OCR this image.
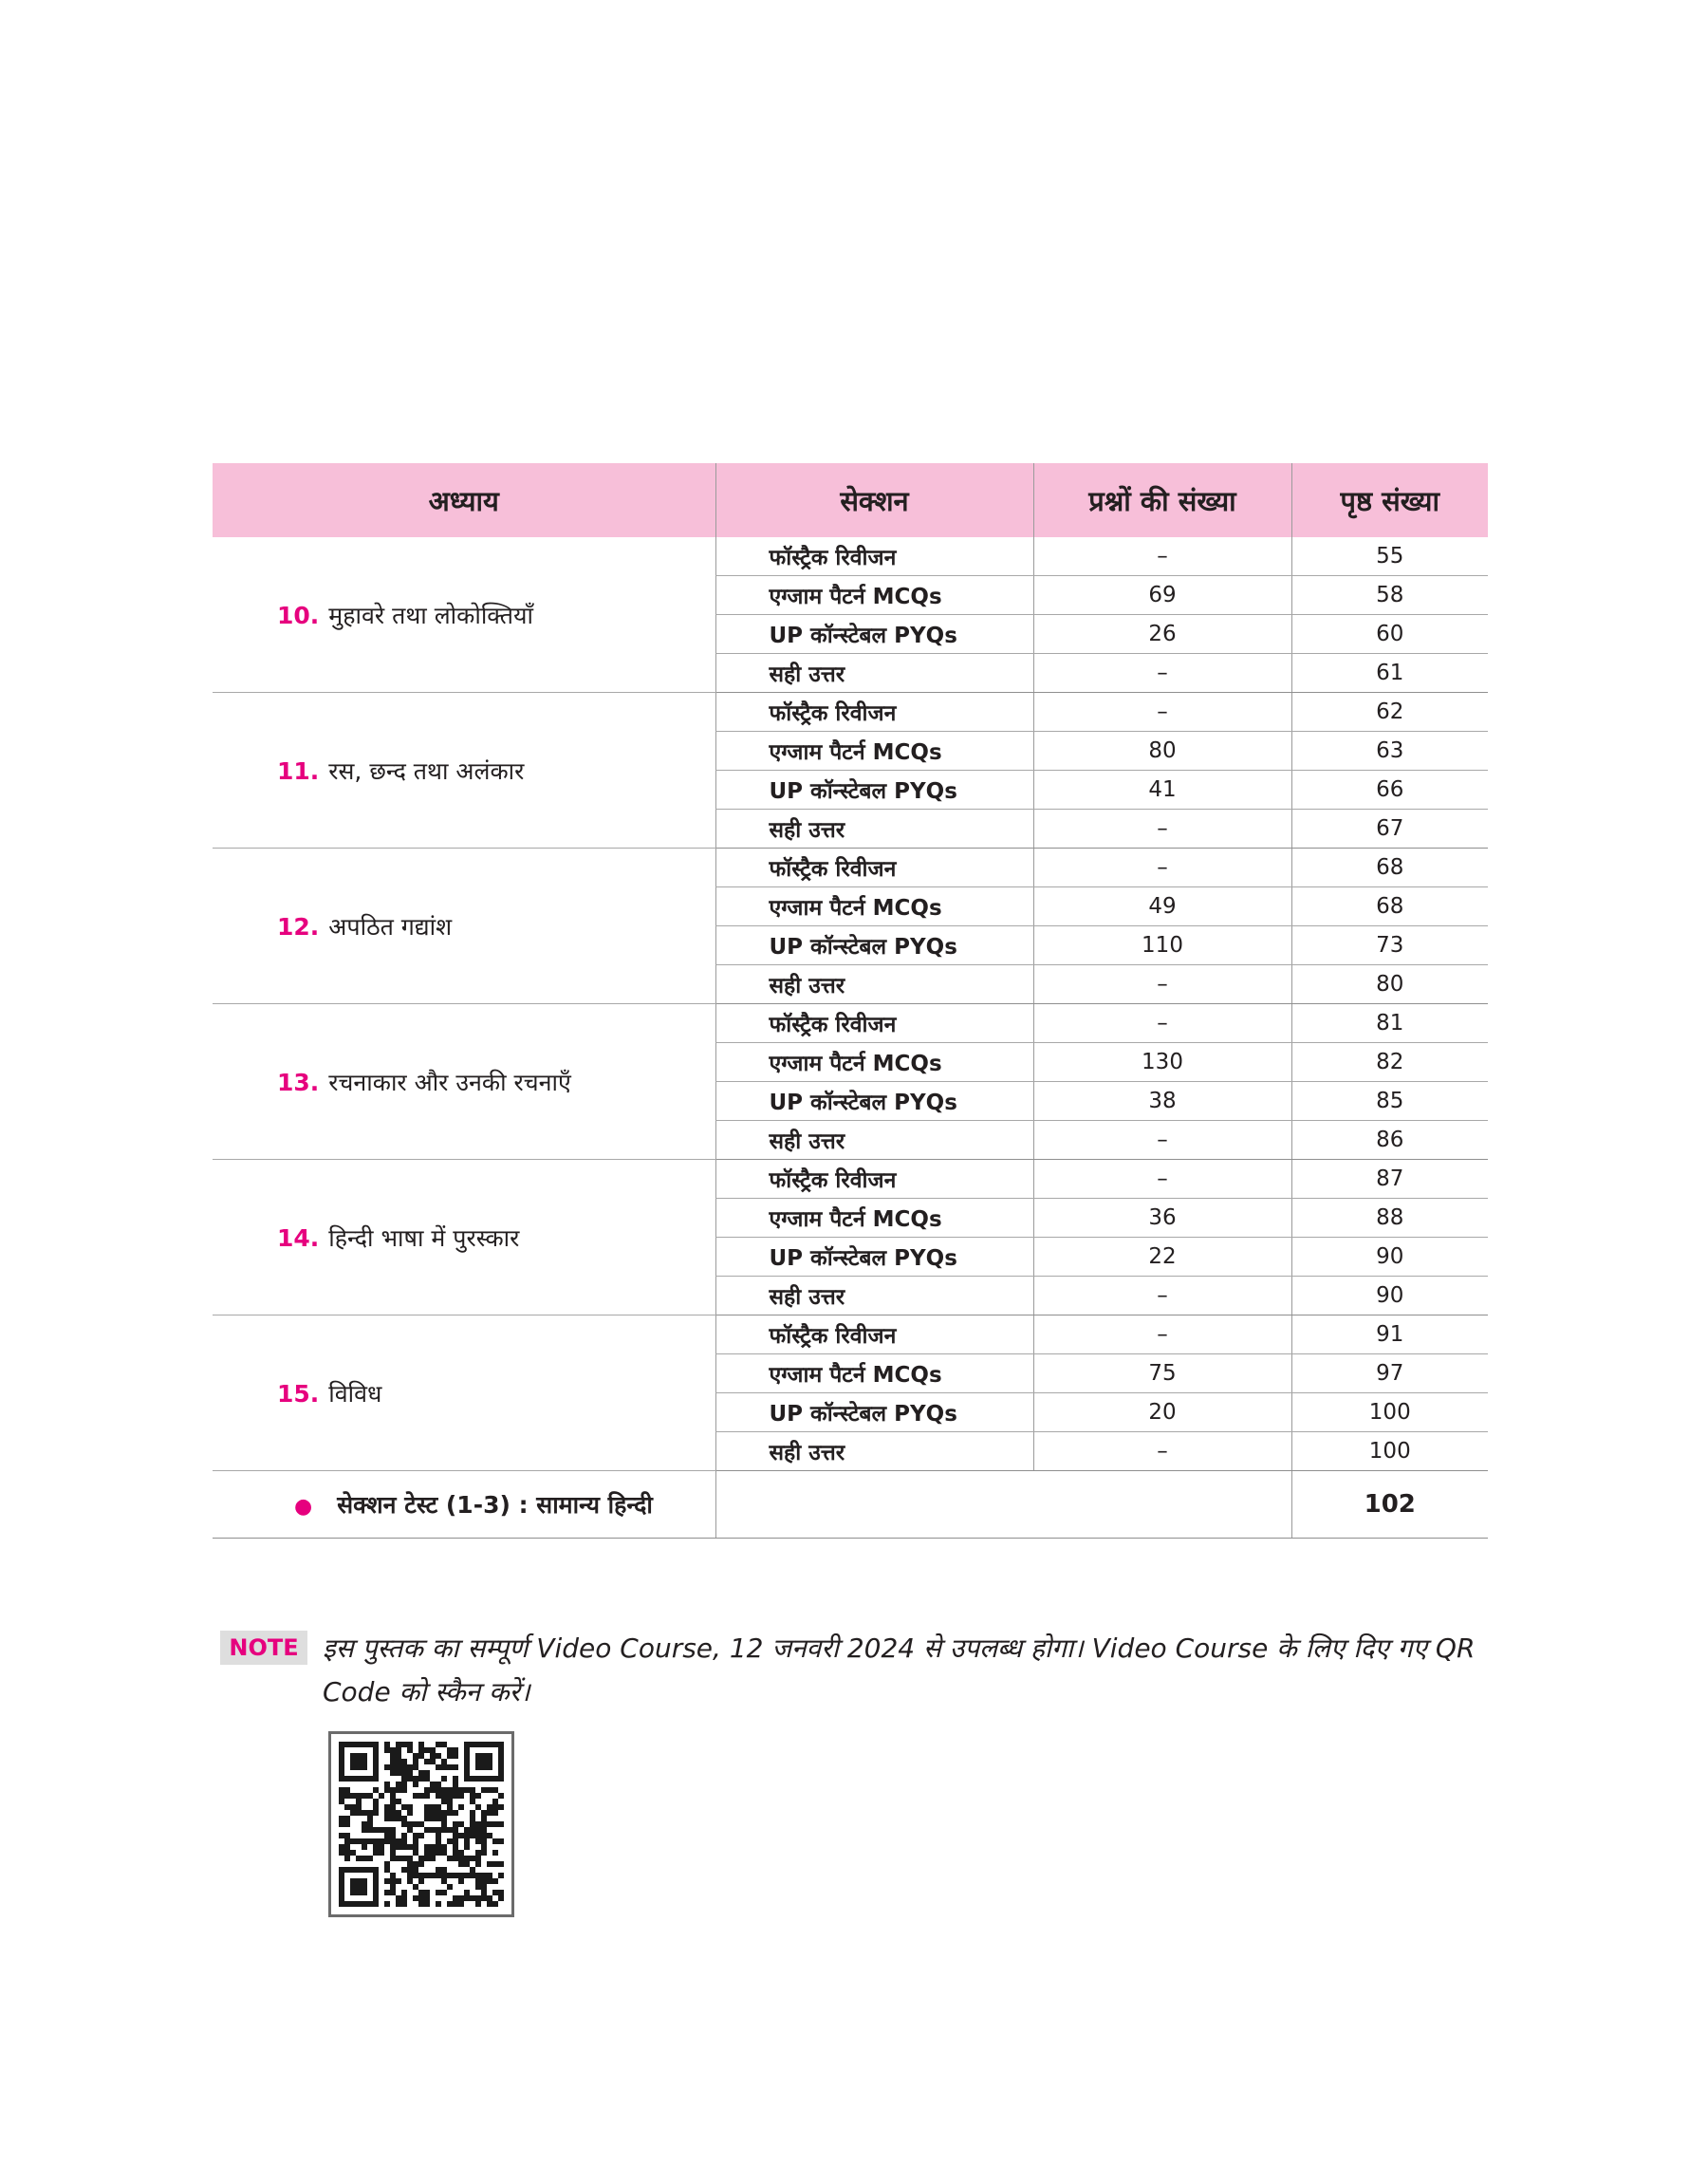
अध्याय	सेक्शन	प्रश्नों की संख्या	पृष्ठ संख्या
10. मुहावरे तथा लोकोक्तियाँ	फॉस्ट्रैक रिवीजन	–	55
	एग्जाम पैटर्न MCQs	69	58
	UP कॉन्स्टेबल PYQs	26	60
	सही उत्तर	–	61
11. रस, छन्द तथा अलंकार	फॉस्ट्रैक रिवीजन	–	62
	एग्जाम पैटर्न MCQs	80	63
	UP कॉन्स्टेबल PYQs	41	66
	सही उत्तर	–	67
12. अपठित गद्यांश	फॉस्ट्रैक रिवीजन	–	68
	एग्जाम पैटर्न MCQs	49	68
	UP कॉन्स्टेबल PYQs	110	73
	सही उत्तर	–	80
13. रचनाकार और उनकी रचनाएँ	फॉस्ट्रैक रिवीजन	–	81
	एग्जाम पैटर्न MCQs	130	82
	UP कॉन्स्टेबल PYQs	38	85
	सही उत्तर	–	86
14. हिन्दी भाषा में पुरस्कार	फॉस्ट्रैक रिवीजन	–	87
	एग्जाम पैटर्न MCQs	36	88
	UP कॉन्स्टेबल PYQs	22	90
	सही उत्तर	–	90
15. विविध	फॉस्ट्रैक रिवीजन	–	91
	एग्जाम पैटर्न MCQs	75	97
	UP कॉन्स्टेबल PYQs	20	100
	सही उत्तर	–	100
● सेक्शन टेस्ट (1-3) : सामान्य हिन्दी			102
NOTE इस पुस्तक का सम्पूर्ण Video Course, 12 जनवरी 2024 से उपलब्ध होगा। Video Course के लिए दिए गए QR Code को स्कैन करें।
